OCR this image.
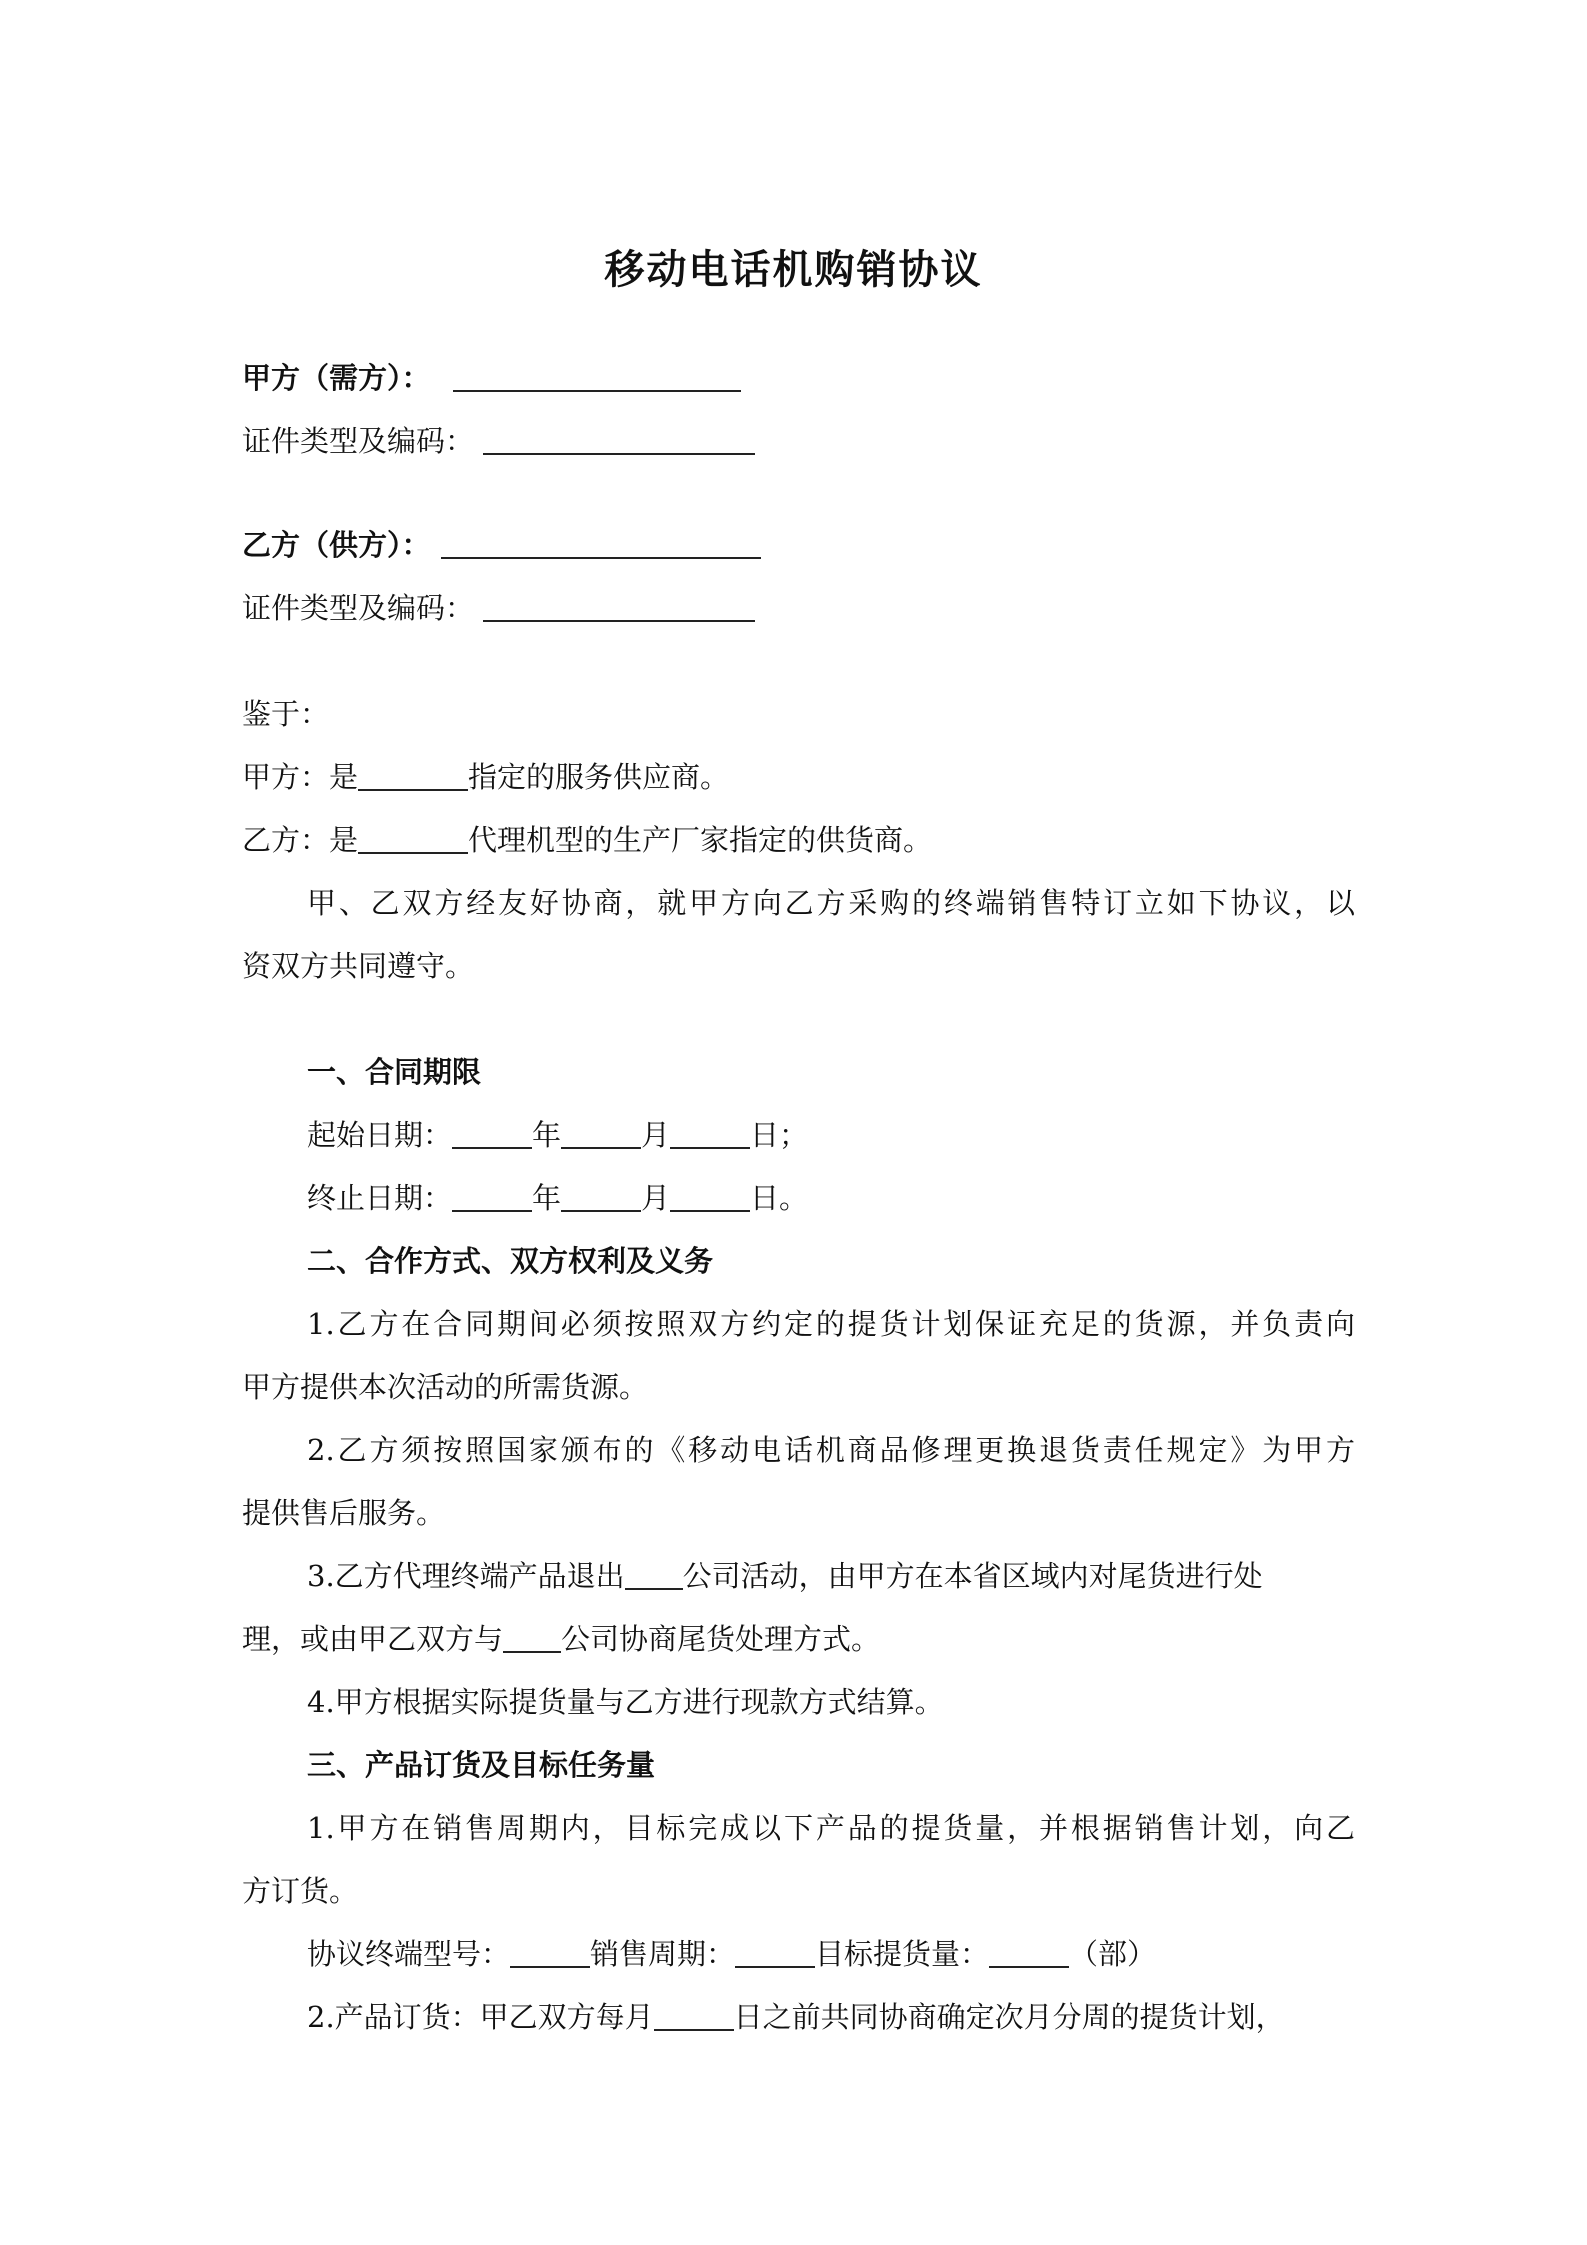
移动电话机购销协议
甲方（需方）：
证件类型及编码：
乙方（供方）：
证件类型及编码：
鉴于：
甲方：是	指定的服务供应商。
乙方：是	代理机型的生产厂家指定的供货商。
甲、乙双方经友好协商，就甲方向乙方采购的终端销售特订立如下协议，以
资双方共同遵守。
一、合同期限
起始日期：	年	月	日；
终止日期：	年	月	日。
二、合作方式、双方权利及义务
1.乙方在合同期间必须按照双方约定的提货计划保证充足的货源，并负责向
甲方提供本次活动的所需货源。
2.乙方须按照国家颁布的《移动电话机商品修理更换退货责任规定》为甲方
提供售后服务。
3.乙方代理终端产品退出 公司活动，由甲方在本省区域内对尾货进行处
理，或由甲乙双方与 公司协商尾货处理方式。
4.甲方根据实际提货量与乙方进行现款方式结算。
三、产品订货及目标任务量
1.甲方在销售周期内，目标完成以下产品的提货量，并根据销售计划，向乙
方订货。
协议终端型号：	销售周期：	目标提货量：	（部）
2.产品订货：甲乙双方每月	日之前共同协商确定次月分周的提货计划，
